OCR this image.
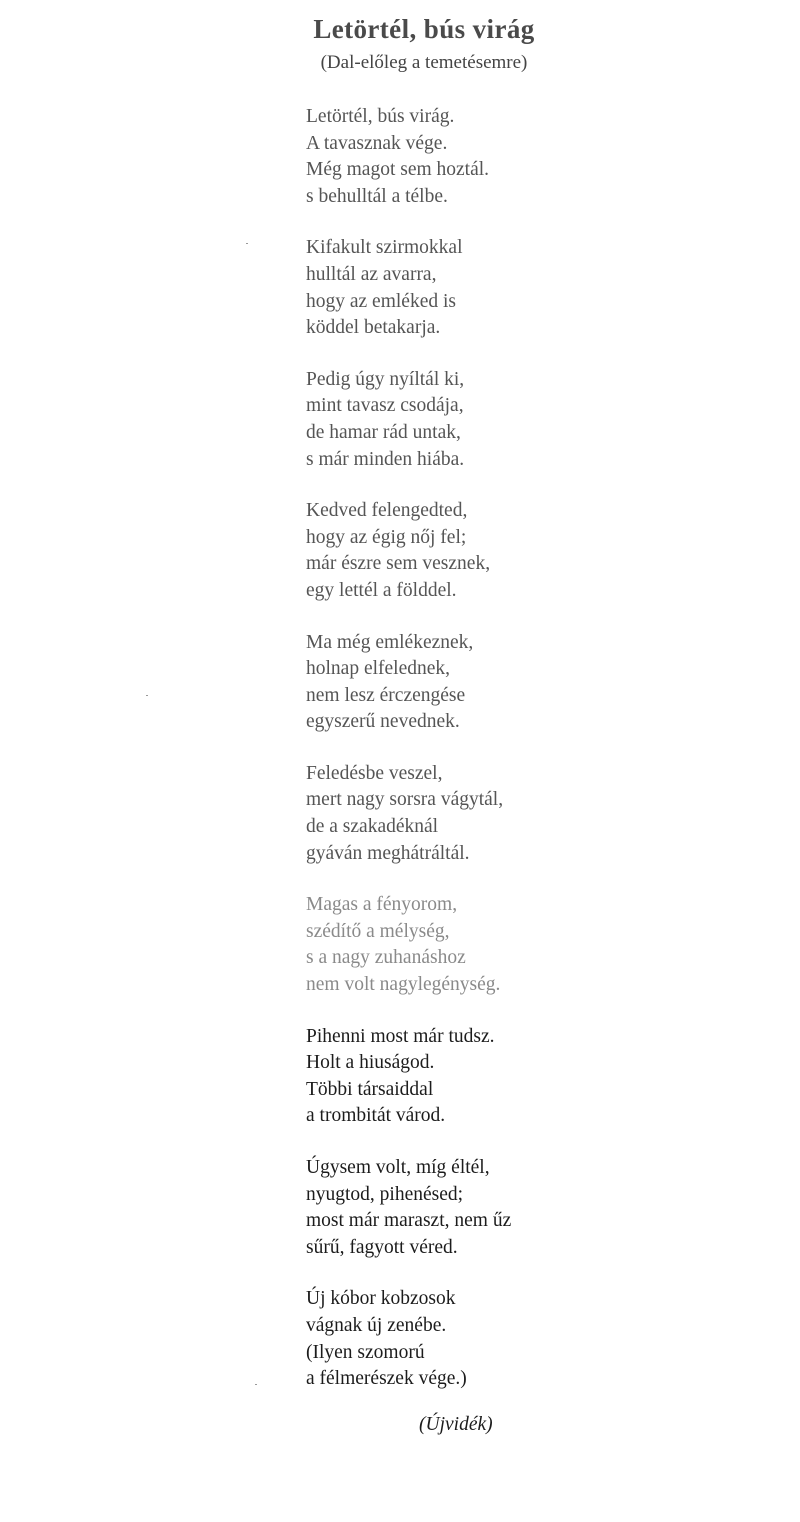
Letörtél, bús virág

(Dal-előleg a temetésemre)

Letörtél, bús virág.
A tavasznak vége.
Még magot sem hoztál.
s behulltál a télbe.
Kifakult szirmokkal
hulltál az avarra,
hogy az emléked is
köddel betakarja.
Pedig úgy nyíltál ki,
mint tavasz csodája,
de hamar rád untak,
s már minden hiába.
Kedved felengedted,
hogy az égig nőj fel;
már észre sem vesznek,
egy lettél a földdel.
Ma még emlékeznek,
holnap elfelednek,
nem lesz érczengése
egyszerű nevednek.
Feledésbe veszel,
mert nagy sorsra vágytál,
de a szakadéknál
gyáván meghátráltál.
Magas a fényorom,
szédítő a mélység,
s a nagy zuhanáshoz
nem volt nagylegénység.
Pihenni most már tudsz.
Holt a hiuságod.
Többi társaiddal
a trombitát várod.
Úgysem volt, míg éltél,
nyugtod, pihenésed;
most már maraszt, nem űz
sűrű, fagyott véred.
Új kóbor kobzosok
vágnak új zenébe.
(Ilyen szomorú
a félmerészek vége.)
(Újvidék)
